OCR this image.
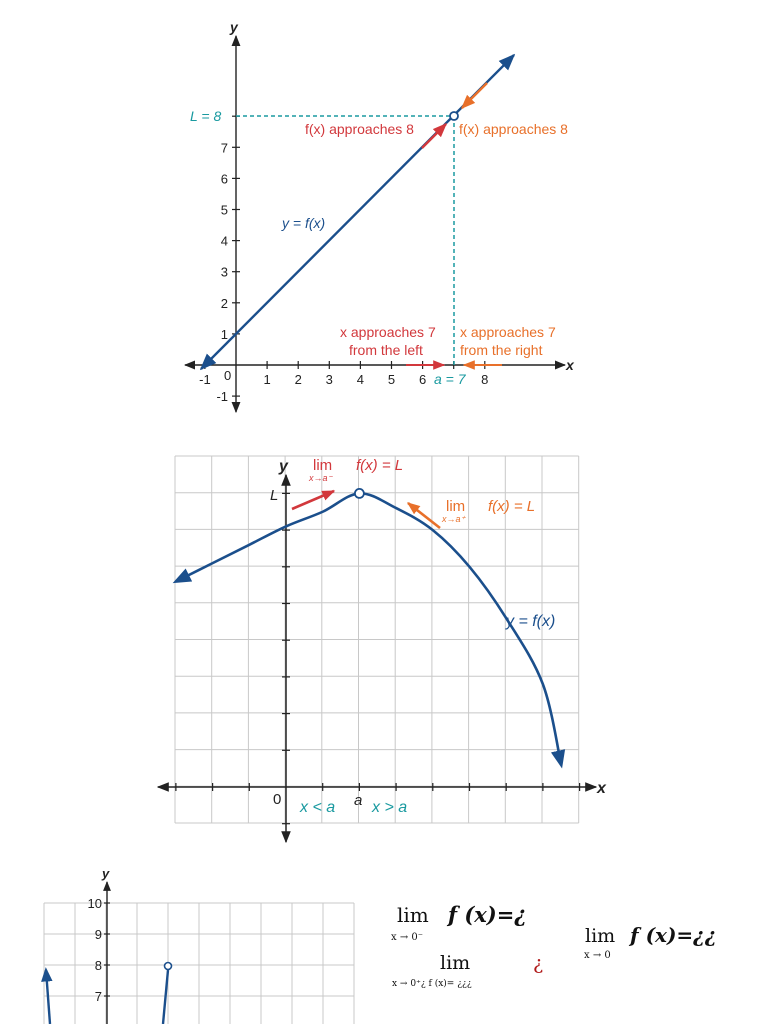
-1	1 2 3 4 5 6	8
-1
1
2
3
4
5
6
7
y
x
0
L = 8
a = 7
y = f(x)
f(x) approaches 8	f(x) approaches 8
x approaches 7
from the left
x approaches 7
from the right
y
x
0
L
a
y = f(x)
lim
x→a⁻
f(x) = L
lim
x→a⁺
f(x) = L
x < a x > a
10
9
8
7
y
lim
x → 0⁻
f (x)=¿
lim
x → 0
f (x)=¿¿
lim
x → 0⁺¿ f (x)= ¿¿¿
¿
